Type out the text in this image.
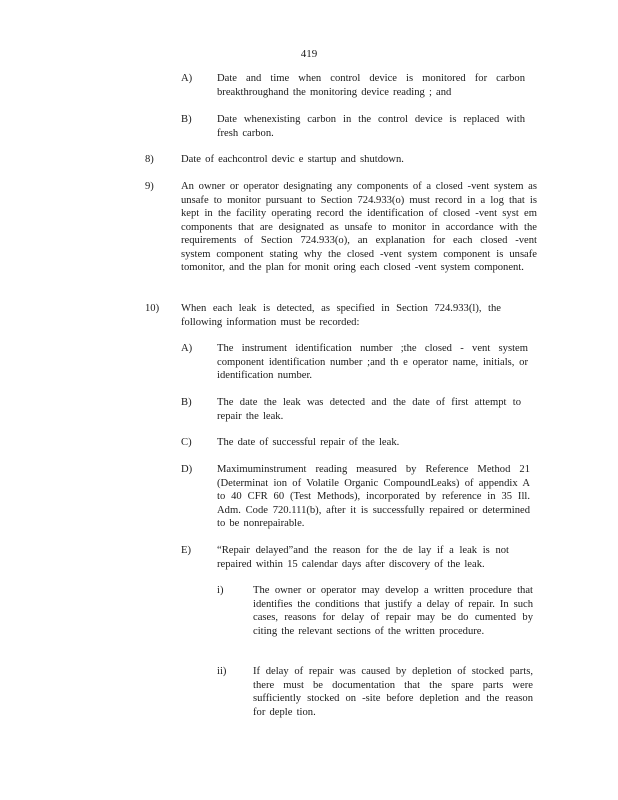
419
A) Date and time when control device is monitored for carbon breakthroughand the monitoring device reading ; and

B) Date whenexisting carbon in the control device is replaced with fresh carbon.

8)	Date of eachcontrol devic e startup and shutdown.

9)	An owner or operator designating any components of a closed -vent system as unsafe to monitor pursuant to Section 724.933(o) must record in a log that is kept in the facility operating record the identification of closed -vent syst em components that are designated as unsafe to monitor in accordance with the requirements of Section 724.933(o), an explanation for each closed -vent system component stating why the closed -vent system component is unsafe tomonitor, and the plan for monit oring each closed -vent system component.

10) When each leak is detected, as specified in Section 724.933(l), the following information must be recorded:

A) The instrument identification number ;the closed - vent system component identification number ;and th e operator name, initials, or identification number.

B) The date the leak was detected and the date of first attempt to repair the leak.

C) The date of successful repair of the leak.

D) Maximuminstrument reading measured by Reference Method 21 (Determinat ion of Volatile Organic CompoundLeaks) of appendix A to 40 CFR 60 (Test Methods), incorporated by reference in 35 Ill. Adm. Code 720.111(b), after it is successfully repaired or determined to be nonrepairable.

E) “Repair delayed”and the reason for the de lay if a leak is not repaired within 15 calendar days after discovery of the leak.

i)	The owner or operator may develop a written procedure that identifies the conditions that justify a delay of repair. In such cases, reasons for delay of repair may be do cumented by citing the relevant sections of the written procedure.

ii)	If delay of repair was caused by depletion of stocked parts, there must be documentation that the spare parts were sufficiently stocked on -site before depletion and the reason for deple tion.
